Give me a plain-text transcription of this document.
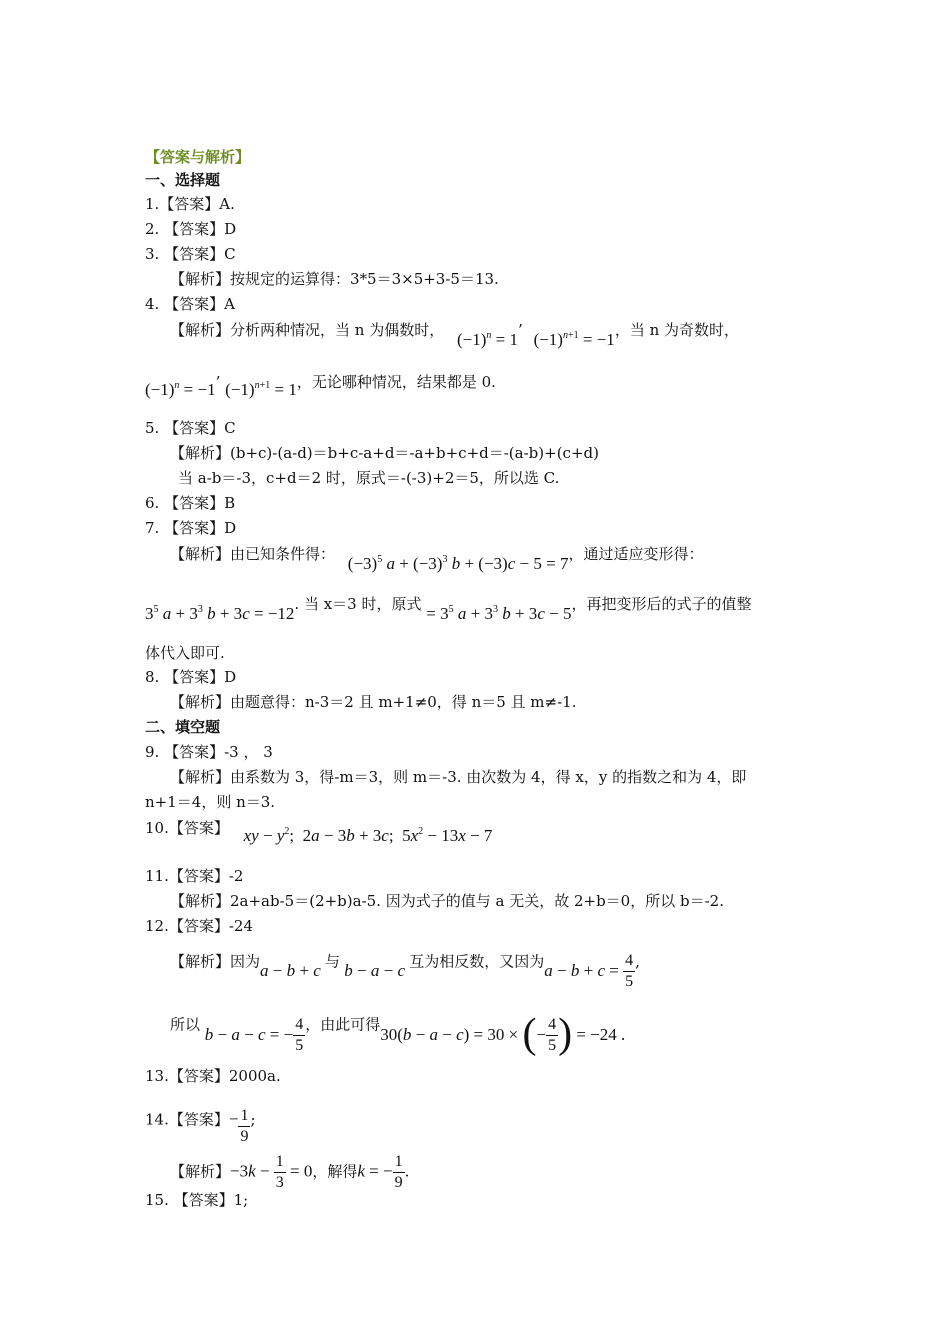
【答案与解析】
一、选择题
1.【答案】A.
2. 【答案】D
3. 【答案】C
【解析】按规定的运算得：3*5＝3×5+3-5＝13.
4. 【答案】A
【解析】分析两种情况，当 n 为偶数时， $(-1)^n = 1$’ $(-1)^{n+1} = -1$，当 n 为奇数时，
$(-1)^n = -1$’ $(-1)^{n+1} = 1$，无论哪种情况，结果都是 0.
5. 【答案】C
【解析】(b+c)-(a-d)＝b+c-a+d＝-a+b+c+d＝-(a-b)+(c+d)
当 a-b＝-3，c+d＝2 时，原式＝-(-3)+2＝5，所以选 C.
6. 【答案】B
7. 【答案】D
【解析】由已知条件得： $(-3)^5$ $a + (-3)^3$ b + (−3)c − 5 = 7，通过适应变形得：
$3^5$ $a + 3^3$ b + 3c = −12. 当 x＝3 时，原式 = $3^5$ $a + 3^3$ b + 3c − 5，再把变形后的式子的值整
体代入即可.
8. 【答案】D
【解析】由题意得：n-3＝2 且 m+1≠0，得 n＝5 且 m≠-1.
二、填空题
9. 【答案】-3 ， 3
【解析】由系数为 3，得-m＝3，则 m＝-3. 由次数为 4，得 x，y 的指数之和为 4，即
n+1＝4，则 n＝3.
10.【答案】 xy − $y^2$;  2a − 3b + 3c;  $5x^2 - 13x - 7$
11.【答案】-2
【解析】2a+ab-5＝(2+b)a-5. 因为式子的值与 a 无关，故 2+b＝0，所以 b＝-2.
12.【答案】-24
【解析】因为a − b + c 与 b − a − c 互为相反数，又因为$a - b + c = \frac{4}{5}$ ,
所以 b − a − c = − $\frac{4}{5}$ ，由此可得30(b − a − c) = 30 × (− $\frac{4}{5}$ ) = −24 .
13.【答案】2000a.
14.【答案】− $\frac{1}{9}$ ;
【解析】$-3k - \frac{1}{3} = 0$，解得k = − $\frac{1}{9}$ .
15. 【答案】1;
